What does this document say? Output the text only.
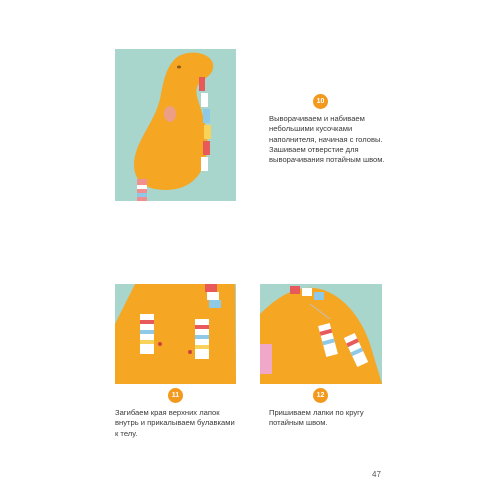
10
Выворачиваем и набиваем небольшими кусочками наполнителя, начиная с головы. Зашиваем отверстие для выворачивания потайным швом.
11
Загибаем края верхних лапок внутрь и прикалываем булавками к телу.
12
Пришиваем лапки по кругу потайным швом.
47
